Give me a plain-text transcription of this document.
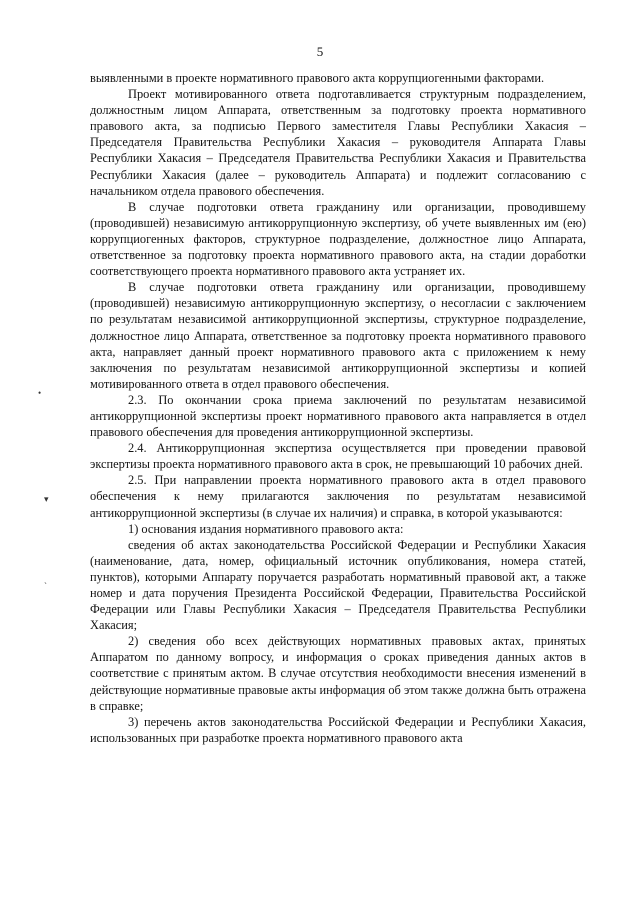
5

выявленными в проекте нормативного правового акта коррупциогенными факторами.

Проект мотивированного ответа подготавливается структурным подразделением, должностным лицом Аппарата, ответственным за подготовку проекта нормативного правового акта, за подписью Первого заместителя Главы Республики Хакасия – Председателя Правительства Республики Хакасия – руководителя Аппарата Главы Республики Хакасия – Председателя Правительства Республики Хакасия и Правительства Республики Хакасия (далее – руководитель Аппарата) и подлежит согласованию с начальником отдела правового обеспечения.

В случае подготовки ответа гражданину или организации, проводившему (проводившей) независимую антикоррупционную экспертизу, об учете выявленных им (ею) коррупциогенных факторов, структурное подразделение, должностное лицо Аппарата, ответственное за подготовку проекта нормативного правового акта, на стадии доработки соответствующего проекта нормативного правового акта устраняет их.

В случае подготовки ответа гражданину или организации, проводившему (проводившей) независимую антикоррупционную экспертизу, о несогласии с заключением по результатам независимой антикоррупционной экспертизы, структурное подразделение, должностное лицо Аппарата, ответственное за подготовку проекта нормативного правового акта, направляет данный проект нормативного правового акта с приложением к нему заключения по результатам независимой антикоррупционной экспертизы и копией мотивированного ответа в отдел правового обеспечения.

2.3. По окончании срока приема заключений по результатам независимой антикоррупционной экспертизы проект нормативного правового акта направляется в отдел правового обеспечения для проведения антикоррупционной экспертизы.

2.4. Антикоррупционная экспертиза осуществляется при проведении правовой экспертизы проекта нормативного правового акта в срок, не превышающий 10 рабочих дней.

2.5. При направлении проекта нормативного правового акта в отдел правового обеспечения к нему прилагаются заключения по результатам независимой антикоррупционной экспертизы (в случае их наличия) и справка, в которой указываются:

1) основания издания нормативного правового акта:

сведения об актах законодательства Российской Федерации и Республики Хакасия (наименование, дата, номер, официальный источник опубликования, номера статей, пунктов), которыми Аппарату поручается разработать нормативный правовой акт, а также номер и дата поручения Президента Российской Федерации, Правительства Российской Федерации или Главы Республики Хакасия – Председателя Правительства Республики Хакасия;

2) сведения обо всех действующих нормативных правовых актах, принятых Аппаратом по данному вопросу, и информация о сроках приведения данных актов в соответствие с принятым актом. В случае отсутствия необходимости внесения изменений в действующие нормативные правовые акты информация об этом также должна быть отражена в справке;

3) перечень актов законодательства Российской Федерации и Республики Хакасия, использованных при разработке проекта нормативного правового акта

•
▾
ˎ
